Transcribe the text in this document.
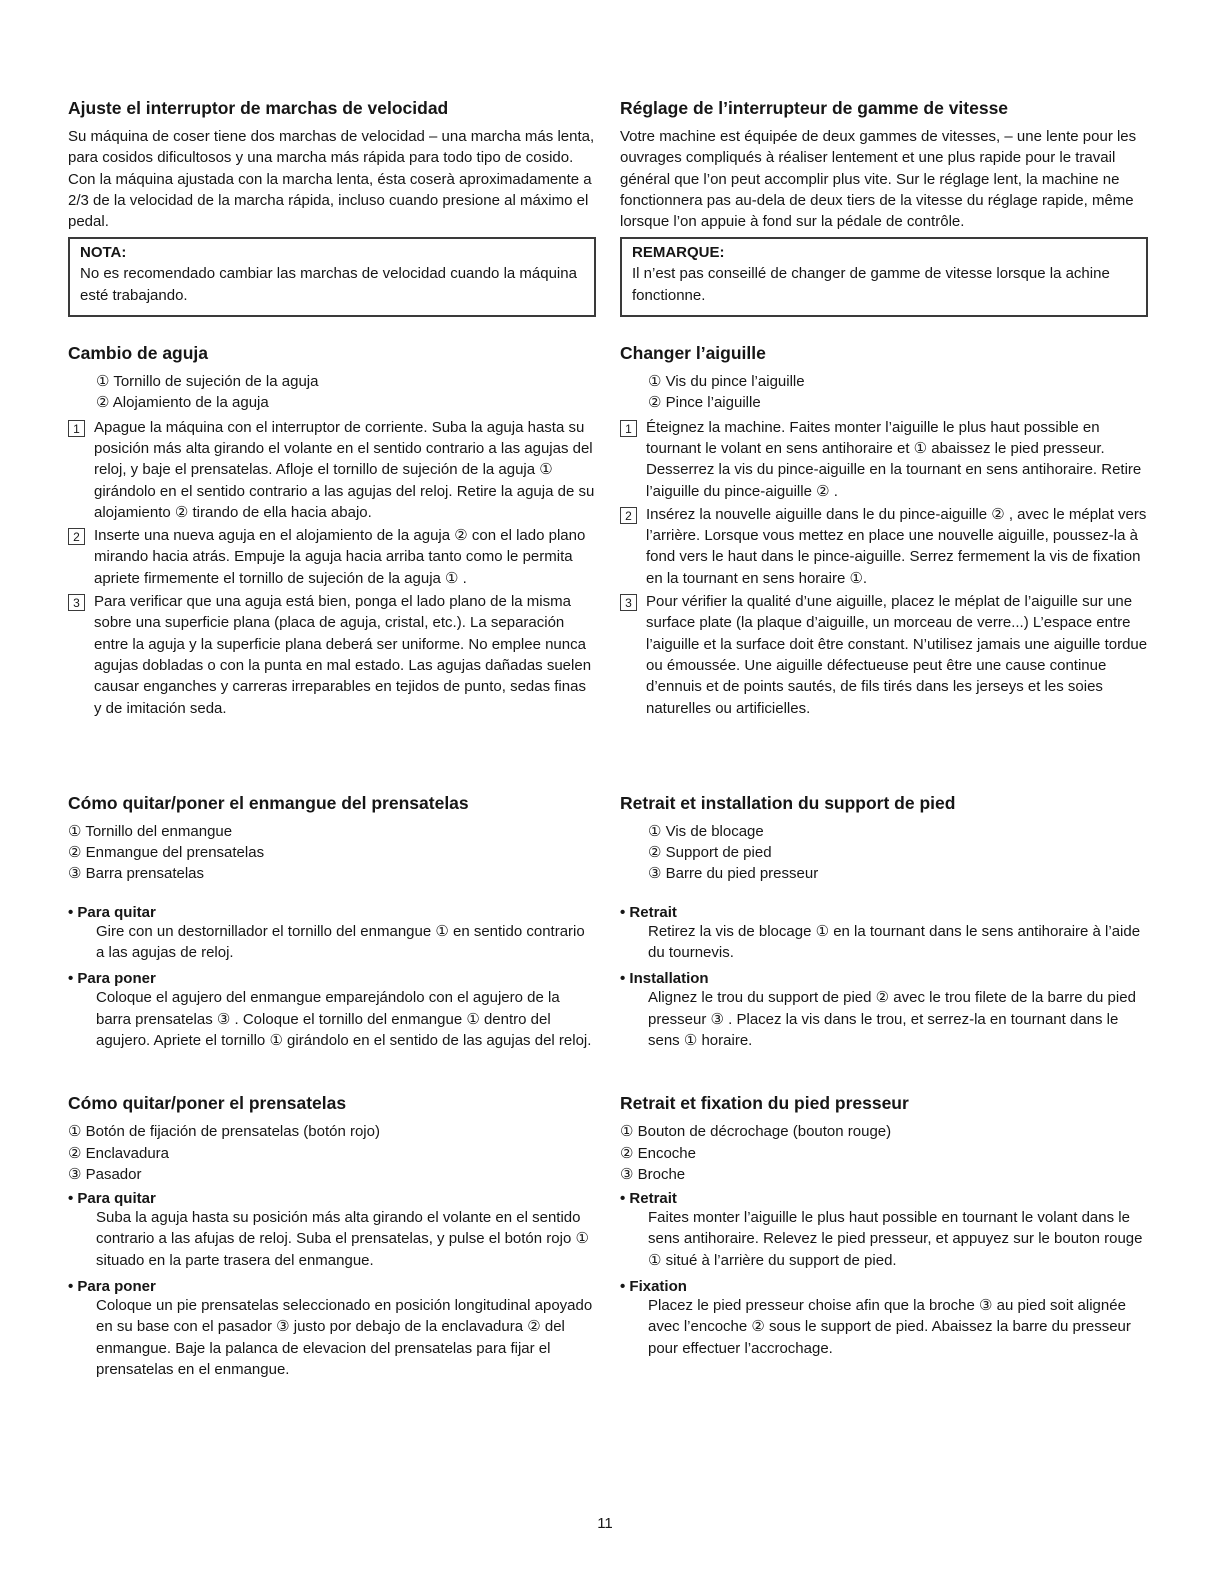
Ajuste el interruptor de marchas de velocidad

Su máquina de coser tiene dos marchas de velocidad – una marcha más lenta, para cosidos dificultosos y una marcha más rápida para todo tipo de cosido. Con la máquina ajustada con la marcha lenta, ésta coserà aproximadamente a 2/3 de la velocidad de la marcha rápida, incluso cuando presione al máximo el pedal.

NOTA:
No es recomendado cambiar las marchas de velocidad cuando la máquina esté trabajando.
Cambio de aguja
① Tornillo de sujeción de la aguja
② Alojamiento de la aguja
1 Apague la máquina con el interruptor de corriente. Suba la aguja hasta su posición más alta girando el volante en el sentido contrario a las agujas del reloj, y baje el prensatelas. Afloje el tornillo de sujeción de la aguja ① girándolo en el sentido contrario a las agujas del reloj. Retire la aguja de su alojamiento ② tirando de ella hacia abajo.

2 Inserte una nueva aguja en el alojamiento de la aguja ② con el lado plano mirando hacia atrás. Empuje la aguja hacia arriba tanto como le permita apriete firmemente el tornillo de sujeción de la aguja ① .

3 Para verificar que una aguja está bien, ponga el lado plano de la misma sobre una superficie plana (placa de aguja, cristal, etc.). La separación entre la aguja y la superficie plana deberá ser uniforme. No emplee nunca agujas dobladas o con la punta en mal estado. Las agujas dañadas suelen causar enganches y carreras irreparables en tejidos de punto, sedas finas y de imitación seda.

Réglage de l’interrupteur de gamme de vitesse

Votre machine est équipée de deux gammes de vitesses, – une lente pour les ouvrages compliqués à réaliser lentement et une plus rapide pour le travail général que l’on peut accomplir plus vite. Sur le réglage lent, la machine ne fonctionnera pas au-dela de deux tiers de la vitesse du réglage rapide, même lorsque l’on appuie à fond sur la pédale de contrôle.

REMARQUE:
Il n’est pas conseillé de changer de gamme de vitesse lorsque la achine fonctionne.
Changer l’aiguille
① Vis du pince l’aiguille
② Pince l’aiguille
1 Éteignez la machine. Faites monter l’aiguille le plus haut possible en tournant le volant en sens antihoraire et ① abaissez le pied presseur. Desserrez la vis du pince-aiguille en la tournant en sens antihoraire. Retire l’aiguille du pince-aiguille ② .

2 Insérez la nouvelle aiguille dans le du pince-aiguille ② , avec le méplat vers l’arrière. Lorsque vous mettez en place une nouvelle aiguille, poussez-la à fond vers le haut dans le pince-aiguille. Serrez fermement la vis de fixation en la tournant en sens horaire ①.

3 Pour vérifier la qualité d’une aiguille, placez le méplat de l’aiguille sur une surface plate (la plaque d’aiguille, un morceau de verre...) L’espace entre l’aiguille et la surface doit être constant. N’utilisez jamais une aiguille tordue ou émoussée. Une aiguille défectueuse peut être une cause continue d’ennuis et de points sautés, de fils tirés dans les jerseys et les soies naturelles ou artificielles.

Cómo quitar/poner el enmangue del prensatelas
① Tornillo del enmangue
② Enmangue del prensatelas
③ Barra prensatelas
• Para quitar

Gire con un destornillador el tornillo del enmangue ① en sentido contrario a las agujas de reloj.

• Para poner

Coloque el agujero del enmangue emparejándolo con el agujero de la barra prensatelas ③ . Coloque el tornillo del enmangue ① dentro del agujero. Apriete el tornillo ① girándolo en el sentido de las agujas del reloj.

Retrait et installation du support de pied
① Vis de blocage
② Support de pied
③ Barre du pied presseur
• Retrait

Retirez la vis de blocage ① en la tournant dans le sens antihoraire à l’aide du tournevis.

• Installation

Alignez le trou du support de pied ② avec le trou filete de la barre du pied presseur ③ . Placez la vis dans le trou, et serrez-la en tournant dans le sens ① horaire.

Cómo quitar/poner el prensatelas
① Botón de fijación de prensatelas (botón rojo)
② Enclavadura
③ Pasador
• Para quitar

Suba la aguja hasta su posición más alta girando el volante en el sentido contrario a las afujas de reloj. Suba el prensatelas, y pulse el botón rojo ① situado en la parte trasera del enmangue.

• Para poner

Coloque un pie prensatelas seleccionado en posición longitudinal apoyado en su base con el pasador ③ justo por debajo de la enclavadura ② del enmangue. Baje la palanca de elevacion del prensatelas para fijar el prensatelas en el enmangue.

Retrait et fixation du pied presseur
① Bouton de décrochage (bouton rouge)
② Encoche
③ Broche
• Retrait

Faites monter l’aiguille le plus haut possible en tournant le volant dans le sens antihoraire. Relevez le pied presseur, et appuyez sur le bouton rouge ① situé à l’arrière du support de pied.

• Fixation

Placez le pied presseur choise afin que la broche ③ au pied soit alignée avec l’encoche ② sous le support de pied. Abaissez la barre du presseur pour effectuer l’accrochage.

11
